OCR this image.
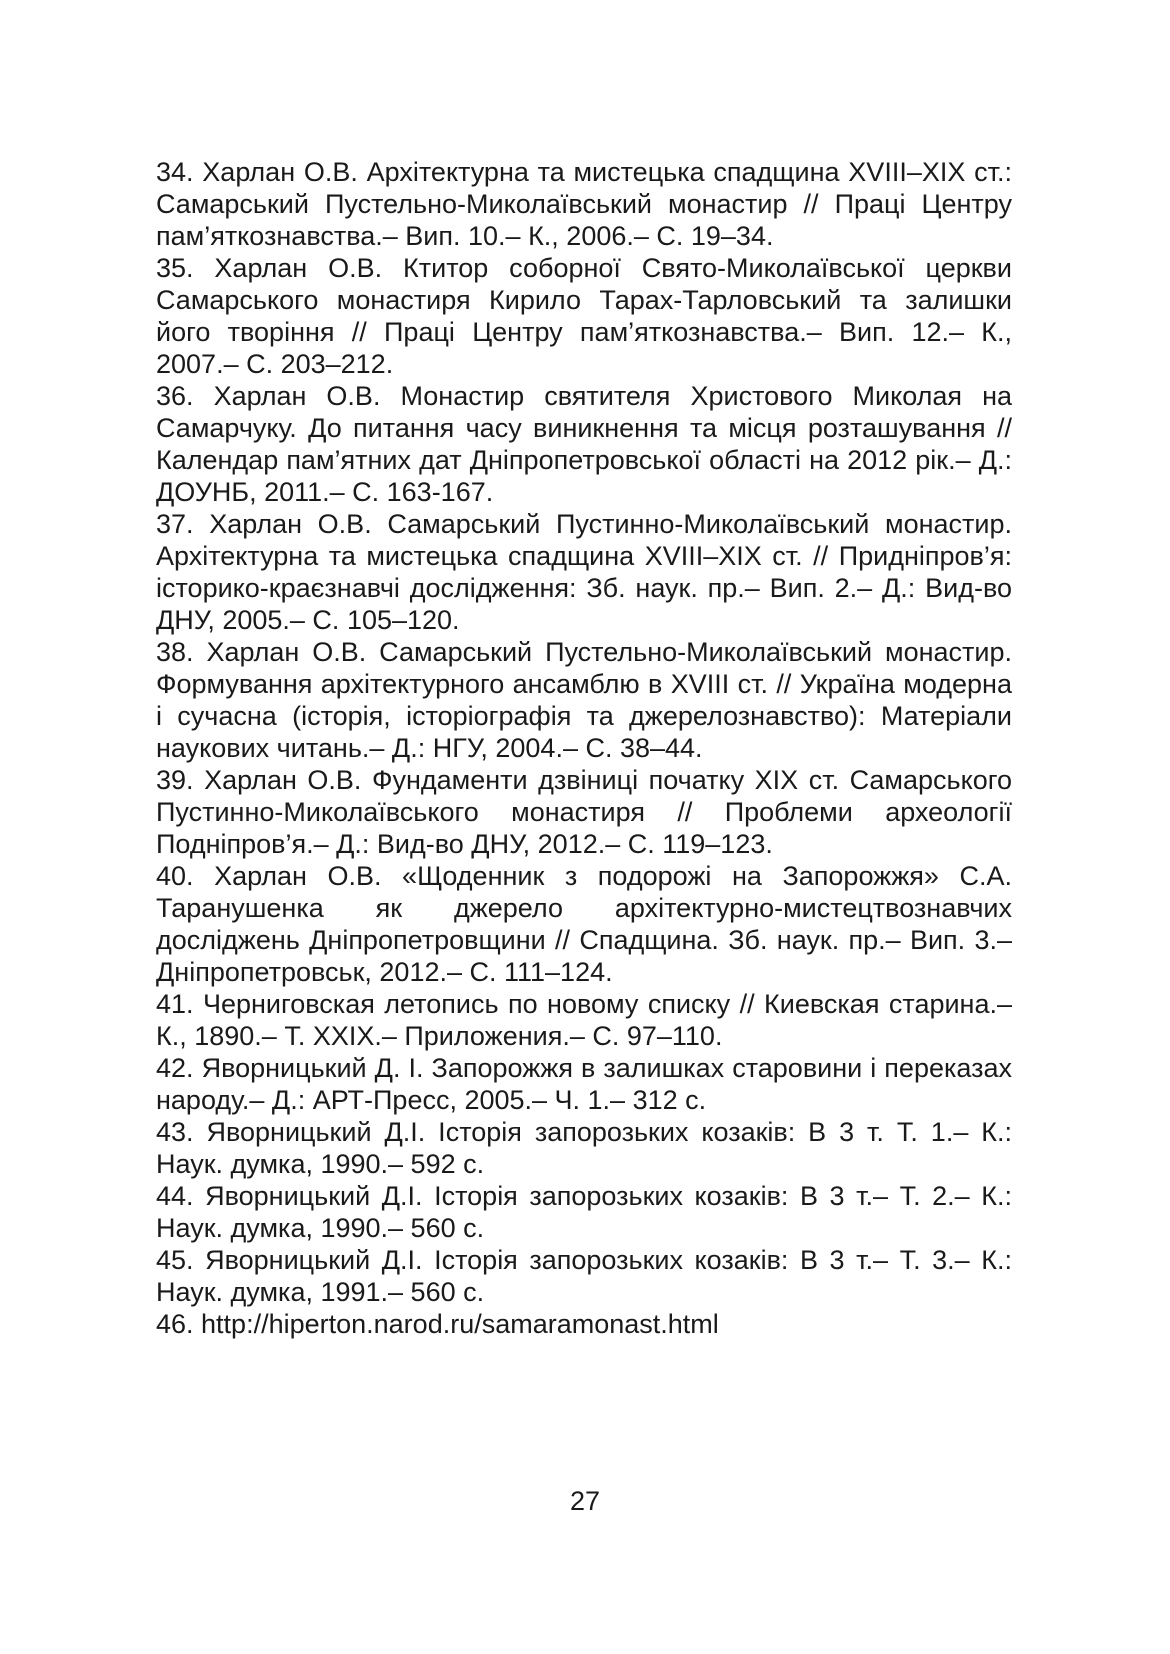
34. Харлан О.В. Архітектурна та мистецька спадщина XVIII–XIX ст.: Самарський Пустельно-Миколаївський монастир // Праці Центру пам’яткознавства.– Вип. 10.– К., 2006.– С. 19–34.
35. Харлан О.В. Ктитор соборної Свято-Миколаївської церкви Самарського монастиря Кирило Тарах-Тарловський та залишки його творіння // Праці Центру пам’яткознавства.– Вип. 12.– К., 2007.– С. 203–212.
36. Харлан О.В. Монастир святителя Христового Миколая на Самарчуку. До питання часу виникнення та місця розташування // Календар пам’ятних дат Дніпропетровської області на 2012 рік.– Д.: ДОУНБ, 2011.– С. 163-167.
37. Харлан О.В. Самарський Пустинно-Миколаївський монастир. Архітектурна та мистецька спадщина XVIII–XIX ст. // Придніпров’я: історико-краєзнавчі дослідження: Зб. наук. пр.– Вип. 2.– Д.: Вид-во ДНУ, 2005.– С. 105–120.
38. Харлан О.В. Самарський Пустельно-Миколаївський монастир. Формування архітектурного ансамблю в XVIII ст. // Україна модерна і сучасна (історія, історіографія та джерелознавство): Матеріали наукових читань.– Д.: НГУ, 2004.– С. 38–44.
39. Харлан О.В. Фундаменти дзвіниці початку XIX ст. Самарського Пустинно-Миколаївського монастиря // Проблеми археології Подніпров’я.– Д.: Вид-во ДНУ, 2012.– С. 119–123.
40. Харлан О.В. «Щоденник з подорожі на Запорожжя» С.А. Таранушенка як джерело архітектурно-мистецтвознавчих досліджень Дніпропетровщини // Спадщина. Зб. наук. пр.– Вип. 3.– Дніпропетровськ, 2012.– С. 111–124.
41. Черниговская летопись по новому списку // Киевская старина.– К., 1890.– Т. XXIX.– Приложения.– С. 97–110.
42. Яворницький Д. І. Запорожжя в залишках старовини і переказах народу.– Д.: АРТ-Пресс, 2005.– Ч. 1.– 312 с.
43. Яворницький Д.І. Історія запорозьких козаків: В 3 т. Т. 1.– К.: Наук. думка, 1990.– 592 с.
44. Яворницький Д.І. Історія запорозьких козаків: В 3 т.– Т. 2.– К.: Наук. думка, 1990.– 560 с.
45. Яворницький Д.І. Історія запорозьких козаків: В 3 т.– Т. 3.– К.: Наук. думка, 1991.– 560 с.
46. http://hiperton.narod.ru/samaramonast.html
27
